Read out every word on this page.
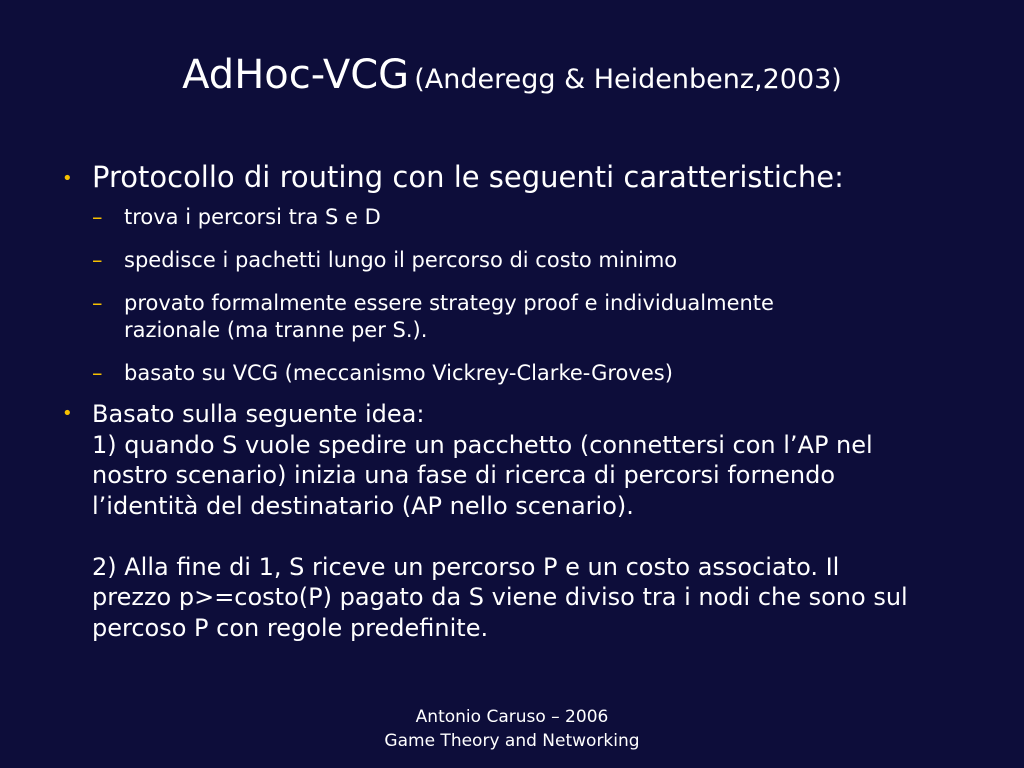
AdHoc-VCG (Anderegg & Heidenbenz,2003)
• Protocollo di routing con le seguenti caratteristiche:
– trova i percorsi tra S e D
– spedisce i pachetti lungo il percorso di costo minimo
– provato formalmente essere strategy proof e individualmente
razionale (ma tranne per S.).
– basato su VCG (meccanismo Vickrey-Clarke-Groves)
• Basato sulla seguente idea:

1) quando S vuole spedire un pacchetto (connettersi con l’AP nel

nostro scenario) inizia una fase di ricerca di percorsi fornendo

l’identità del destinatario (AP nello scenario).

2) Alla fine di 1, S riceve un percorso P e un costo associato. Il

prezzo p>=costo(P) pagato da S viene diviso tra i nodi che sono sul

percoso P con regole predefinite.

Antonio Caruso – 2006
Game Theory and Networking
